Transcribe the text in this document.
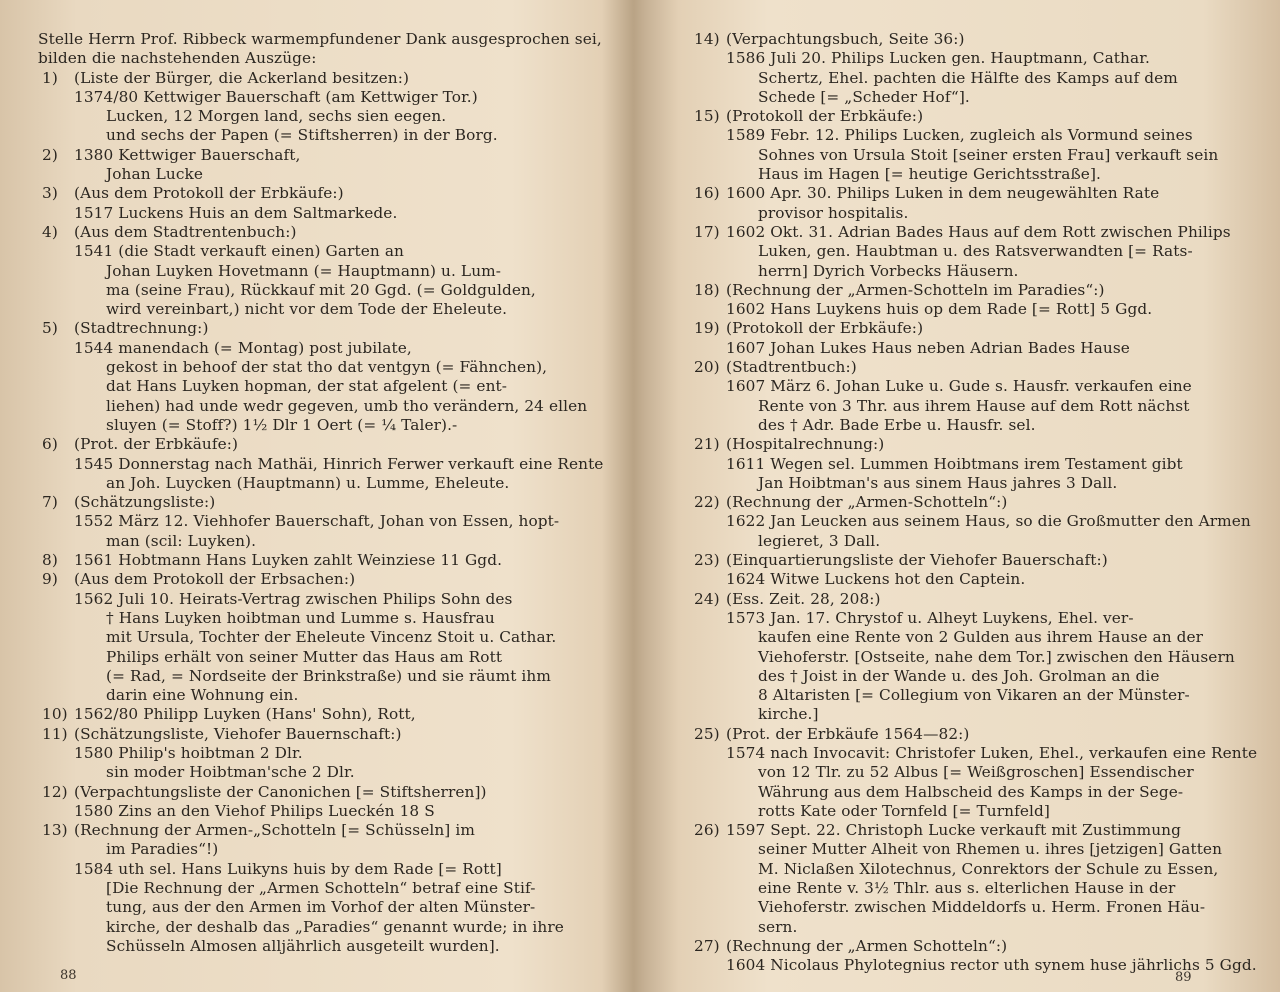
Stelle Herrn Prof. Ribbeck warmempfundener Dank ausgesprochen sei,
bilden die nachstehenden Auszüge:
1)	(Liste der Bürger, die Ackerland besitzen:)
1374/80 Kettwiger Bauerschaft (am Kettwiger Tor.)
Lucken, 12 Morgen land, sechs sien eegen.
und sechs der Papen (= Stiftsherren) in der Borg.
2)	1380 Kettwiger Bauerschaft,
Johan Lucke
3)	(Aus dem Protokoll der Erbkäufe:)
1517 Luckens Huis an dem Saltmarkede.
4)	(Aus dem Stadtrentenbuch:)
1541 (die Stadt verkauft einen) Garten an
Johan Luyken Hovetmann (= Hauptmann) u. Lum-
ma (seine Frau), Rückkauf mit 20 Ggd. (= Goldgulden,
wird vereinbart,) nicht vor dem Tode der Eheleute.
5)	(Stadtrechnung:)
1544 manendach (= Montag) post jubilate,
gekost in behoof der stat tho dat ventgyn (= Fähnchen),
dat Hans Luyken hopman, der stat afgelent (= ent-
liehen) had unde wedr gegeven, umb tho verändern, 24 ellen
sluyen (= Stoff?) 1½ Dlr 1 Oert (= ¼ Taler).-
6)	(Prot. der Erbkäufe:)
1545 Donnerstag nach Mathäi, Hinrich Ferwer verkauft eine Rente
an Joh. Luycken (Hauptmann) u. Lumme, Eheleute.
7)	(Schätzungsliste:)
1552 März 12. Viehhofer Bauerschaft, Johan von Essen, hopt-
man (scil: Luyken).
8)	1561 Hobtmann Hans Luyken zahlt Weinziese 11 Ggd.
9)	(Aus dem Protokoll der Erbsachen:)
1562 Juli 10. Heirats-Vertrag zwischen Philips Sohn des
† Hans Luyken hoibtman und Lumme s. Hausfrau
mit Ursula, Tochter der Eheleute Vincenz Stoit u. Cathar.
Philips erhält von seiner Mutter das Haus am Rott
(= Rad, = Nordseite der Brinkstraße) und sie räumt ihm
darin eine Wohnung ein.
10) 1562/80 Philipp Luyken (Hans' Sohn), Rott,
11) (Schätzungsliste, Viehofer Bauernschaft:)
1580 Philip's hoibtman 2 Dlr.
sin moder Hoibtman'sche 2 Dlr.
12) (Verpachtungsliste der Canonichen [= Stiftsherren])
1580 Zins an den Viehof Philips Lueckén 18 S
13) (Rechnung der Armen-„Schotteln [= Schüsseln] im
im Paradies“!)
1584 uth sel. Hans Luikyns huis by dem Rade [= Rott]
[Die Rechnung der „Armen Schotteln“ betraf eine Stif-
tung, aus der den Armen im Vorhof der alten Münster-
kirche, der deshalb das „Paradies“ genannt wurde; in ihre
Schüsseln Almosen alljährlich ausgeteilt wurden].
88
14) (Verpachtungsbuch, Seite 36:)
1586 Juli 20. Philips Lucken gen. Hauptmann, Cathar.
Schertz, Ehel. pachten die Hälfte des Kamps auf dem
Schede [= „Scheder Hof“].
15) (Protokoll der Erbkäufe:)
1589 Febr. 12. Philips Lucken, zugleich als Vormund seines
Sohnes von Ursula Stoit [seiner ersten Frau] verkauft sein
Haus im Hagen [= heutige Gerichtsstraße].
16) 1600 Apr. 30. Philips Luken in dem neugewählten Rate
provisor hospitalis.
17) 1602 Okt. 31. Adrian Bades Haus auf dem Rott zwischen Philips
Luken, gen. Haubtman u. des Ratsverwandten [= Rats-
herrn] Dyrich Vorbecks Häusern.
18) (Rechnung der „Armen-Schotteln im Paradies“:)
1602 Hans Luykens huis op dem Rade [= Rott] 5 Ggd.
19) (Protokoll der Erbkäufe:)
1607 Johan Lukes Haus neben Adrian Bades Hause
20) (Stadtrentbuch:)
1607 März 6. Johan Luke u. Gude s. Hausfr. verkaufen eine
Rente von 3 Thr. aus ihrem Hause auf dem Rott nächst
des † Adr. Bade Erbe u. Hausfr. sel.
21) (Hospitalrechnung:)
1611 Wegen sel. Lummen Hoibtmans irem Testament gibt
Jan Hoibtman's aus sinem Haus jahres 3 Dall.
22) (Rechnung der „Armen-Schotteln“:)
1622 Jan Leucken aus seinem Haus, so die Großmutter den Armen
legieret, 3 Dall.
23) (Einquartierungsliste der Viehofer Bauerschaft:)
1624 Witwe Luckens hot den Captein.
24) (Ess. Zeit. 28, 208:)
1573 Jan. 17. Chrystof u. Alheyt Luykens, Ehel. ver-
kaufen eine Rente von 2 Gulden aus ihrem Hause an der
Viehoferstr. [Ostseite, nahe dem Tor.] zwischen den Häusern
des † Joist in der Wande u. des Joh. Grolman an die
8 Altaristen [= Collegium von Vikaren an der Münster-
kirche.]
25) (Prot. der Erbkäufe 1564—82:)
1574 nach Invocavit: Christofer Luken, Ehel., verkaufen eine Rente
von 12 Tlr. zu 52 Albus [= Weißgroschen] Essendischer
Währung aus dem Halbscheid des Kamps in der Sege-
rotts Kate oder Tornfeld [= Turnfeld]
26) 1597 Sept. 22. Christoph Lucke verkauft mit Zustimmung
seiner Mutter Alheit von Rhemen u. ihres [jetzigen] Gatten
M. Niclaßen Xilotechnus, Conrektors der Schule zu Essen,
eine Rente v. 3½ Thlr. aus s. elterlichen Hause in der
Viehoferstr. zwischen Middeldorfs u. Herm. Fronen Häu-
sern.
27) (Rechnung der „Armen Schotteln“:)
1604 Nicolaus Phylotegnius rector uth synem huse jährlichs 5 Ggd.
89
